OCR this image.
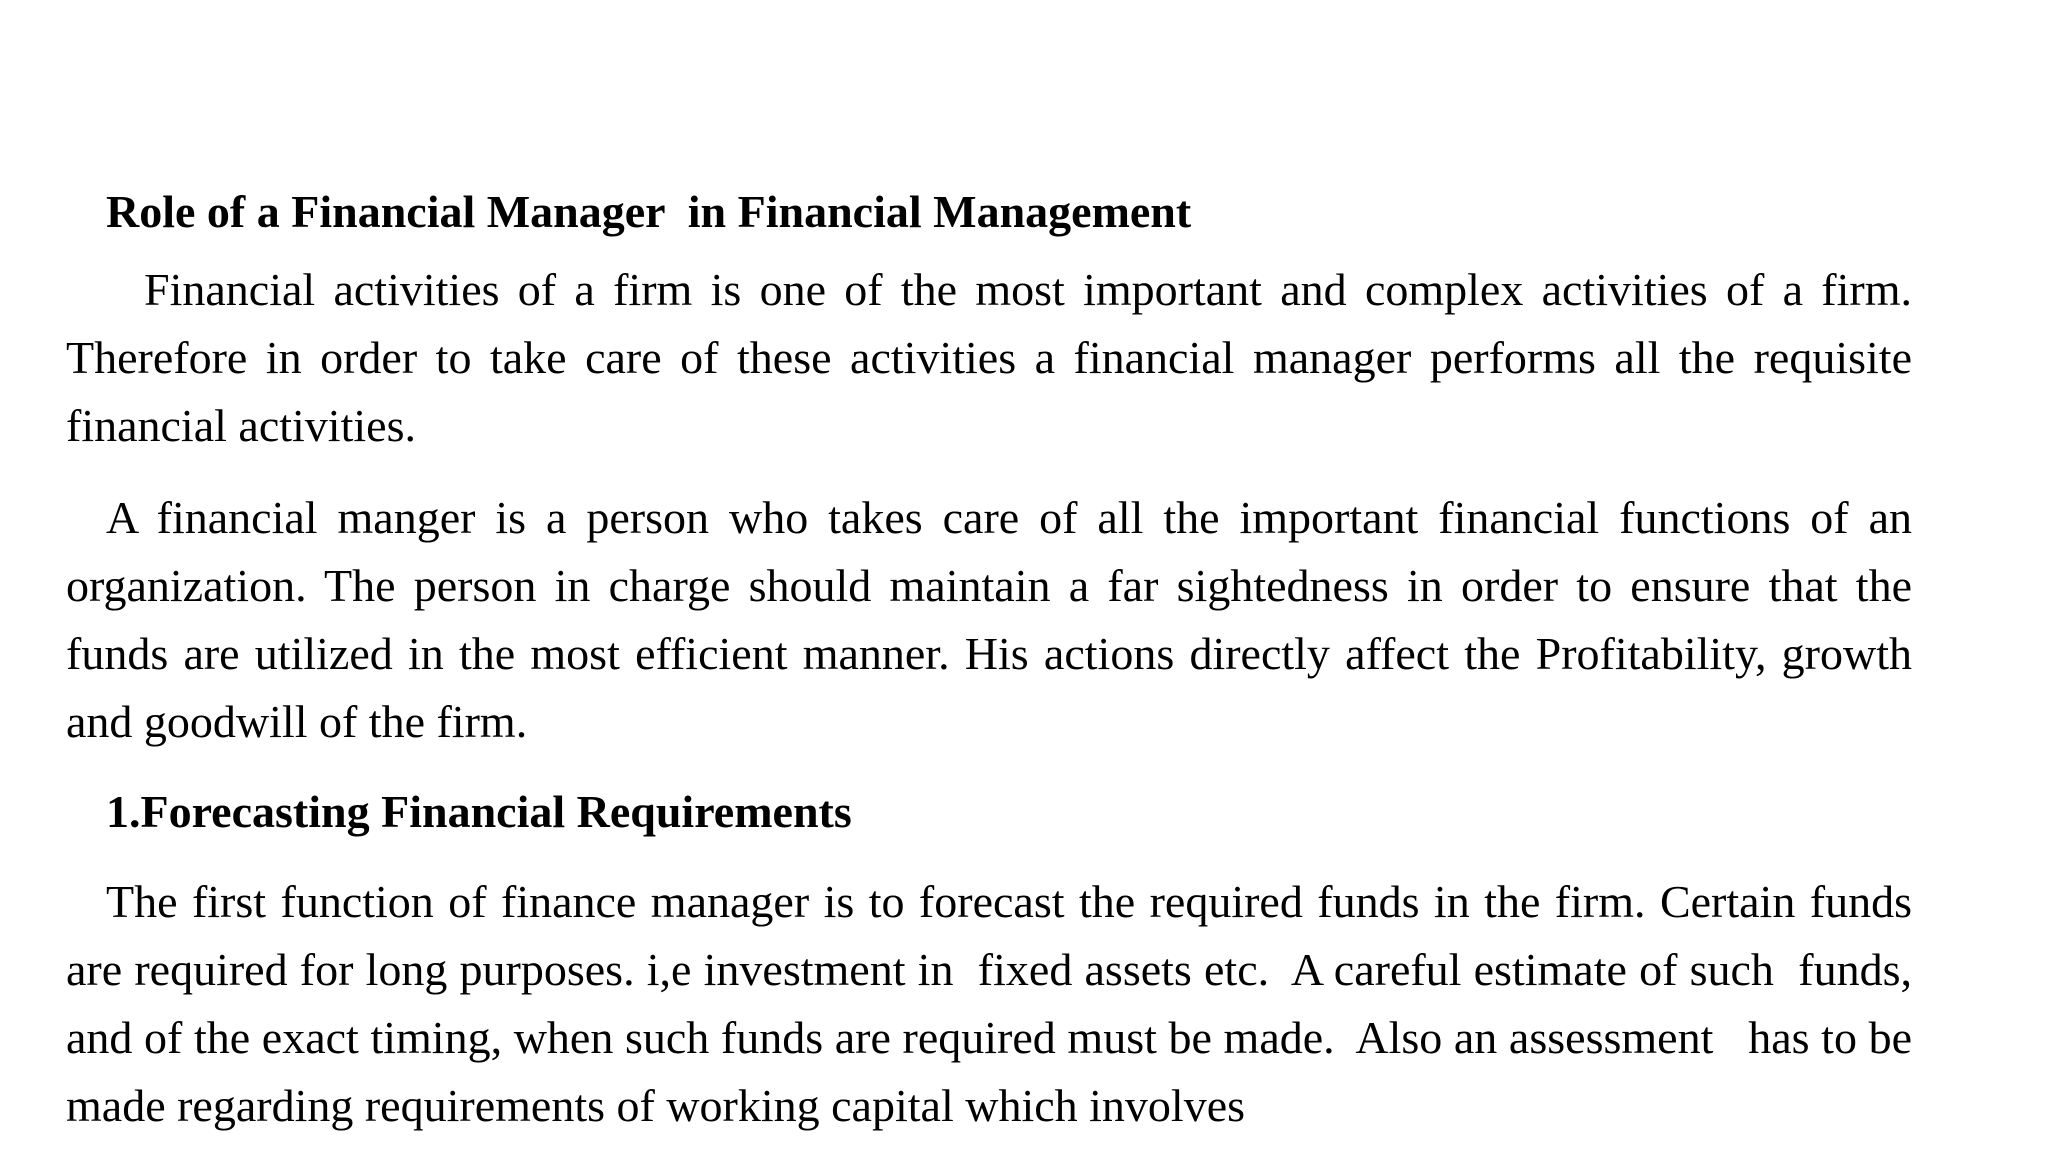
Role of a Financial Manager  in Financial Management

Financial activities of a firm is one of the most important and complex activities of a firm. Therefore in order to take care of these activities a financial manager performs all the requisite financial activities.

A financial manger is a person who takes care of all the important financial functions of an organization. The person in charge should maintain a far sightedness in order to ensure that the funds are utilized in the most efficient manner. His actions directly affect the Profitability, growth and goodwill of the firm.

1.Forecasting Financial Requirements

The first function of finance manager is to forecast the required funds in the firm. Certain funds are required for long purposes. i,e investment in  fixed assets etc.  A careful estimate of such  funds, and of the exact timing, when such funds are required must be made.  Also an assessment   has to be made regarding requirements of working capital which involves
